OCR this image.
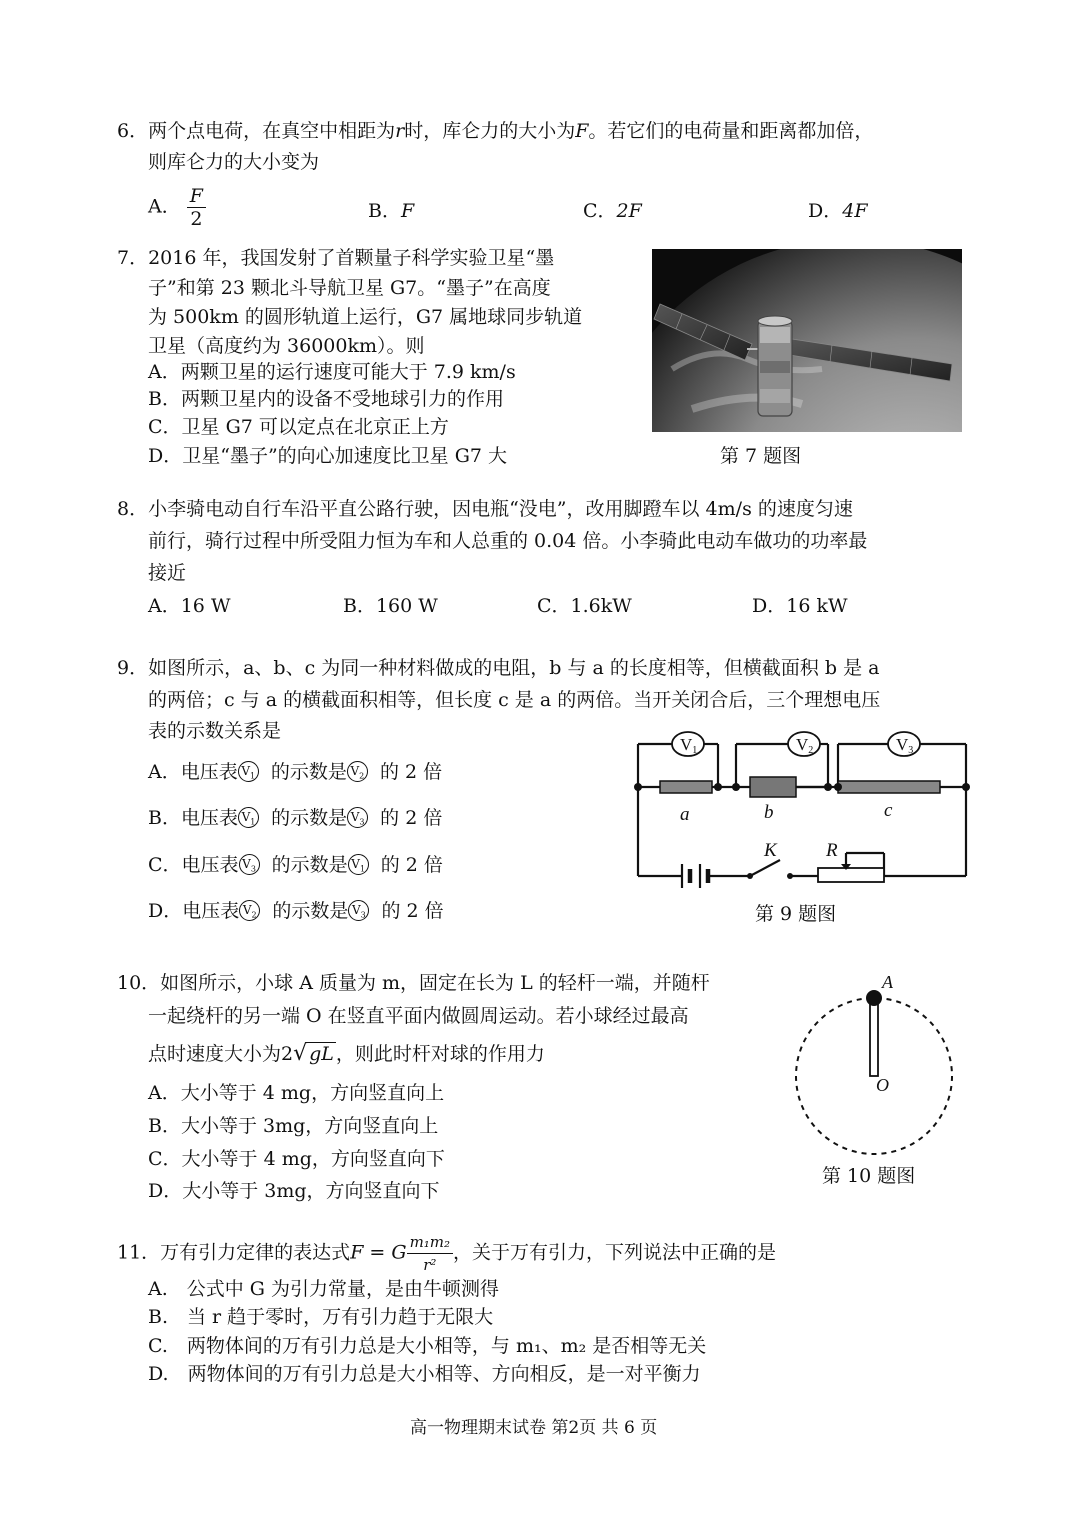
6．两个点电荷，在真空中相距为r时，库仑力的大小为F。若它们的电荷量和距离都加倍，
则库仑力的大小变为
A． $\frac{F}{2}$	B．F	C．2F	D．4F
7．2016 年，我国发射了首颗量子科学实验卫星“墨
子”和第 23 颗北斗导航卫星 G7。“墨子”在高度
为 500km 的圆形轨道上运行，G7 属地球同步轨道
卫星（高度约为 36000km）。则
A．两颗卫星的运行速度可能大于 7.9 km/s
B．两颗卫星内的设备不受地球引力的作用
C．卫星 G7 可以定点在北京正上方
D．卫星“墨子”的向心加速度比卫星 G7 大	第 7 题图
8．小李骑电动自行车沿平直公路行驶，因电瓶“没电”，改用脚蹬车以 4m/s 的速度匀速
前行，骑行过程中所受阻力恒为车和人总重的 0.04 倍。小李骑此电动车做功的功率最
接近
A．16 W	B．160 W	C．1.6kW	D．16 kW
9．如图所示，a、b、c 为同一种材料做成的电阻，b 与 a 的长度相等，但横截面积 b 是 a
的两倍；c 与 a 的横截面积相等，但长度 c 是 a 的两倍。当开关闭合后，三个理想电压
表的示数关系是
A．电压表 $V_1$ 的示数是 $V_2$ 的 2 倍
B．电压表 $V_1$ 的示数是 $V_3$ 的 2 倍
C．电压表 $V_3$ 的示数是 $V_1$ 的 2 倍
D．电压表 $V_2$ 的示数是 $V_3$ 的 2 倍
V1	V2	V3
a	b	c
K	R
第 9 题图
10．如图所示，小球 A 质量为 m，固定在长为 L 的轻杆一端，并随杆
一起绕杆的另一端 O 在竖直平面内做圆周运动。若小球经过最高
点时速度大小为2√ gL ，则此时杆对球的作用力
A．大小等于 4 mg，方向竖直向上
B．大小等于 3mg，方向竖直向上
C．大小等于 4 mg，方向竖直向下
D．大小等于 3mg，方向竖直向下
A
O
第 10 题图
11．万有引力定律的表达式F = G $\frac{\text{m₁m₂}}{\text{r²}}$ ，关于万有引力，下列说法中正确的是
A.　公式中 G 为引力常量，是由牛顿测得
B.　当 r 趋于零时，万有引力趋于无限大
C.　两物体间的万有引力总是大小相等，与 m₁、m₂ 是否相等无关
D.　两物体间的万有引力总是大小相等、方向相反，是一对平衡力
高一物理期末试卷 第2页 共 6 页
